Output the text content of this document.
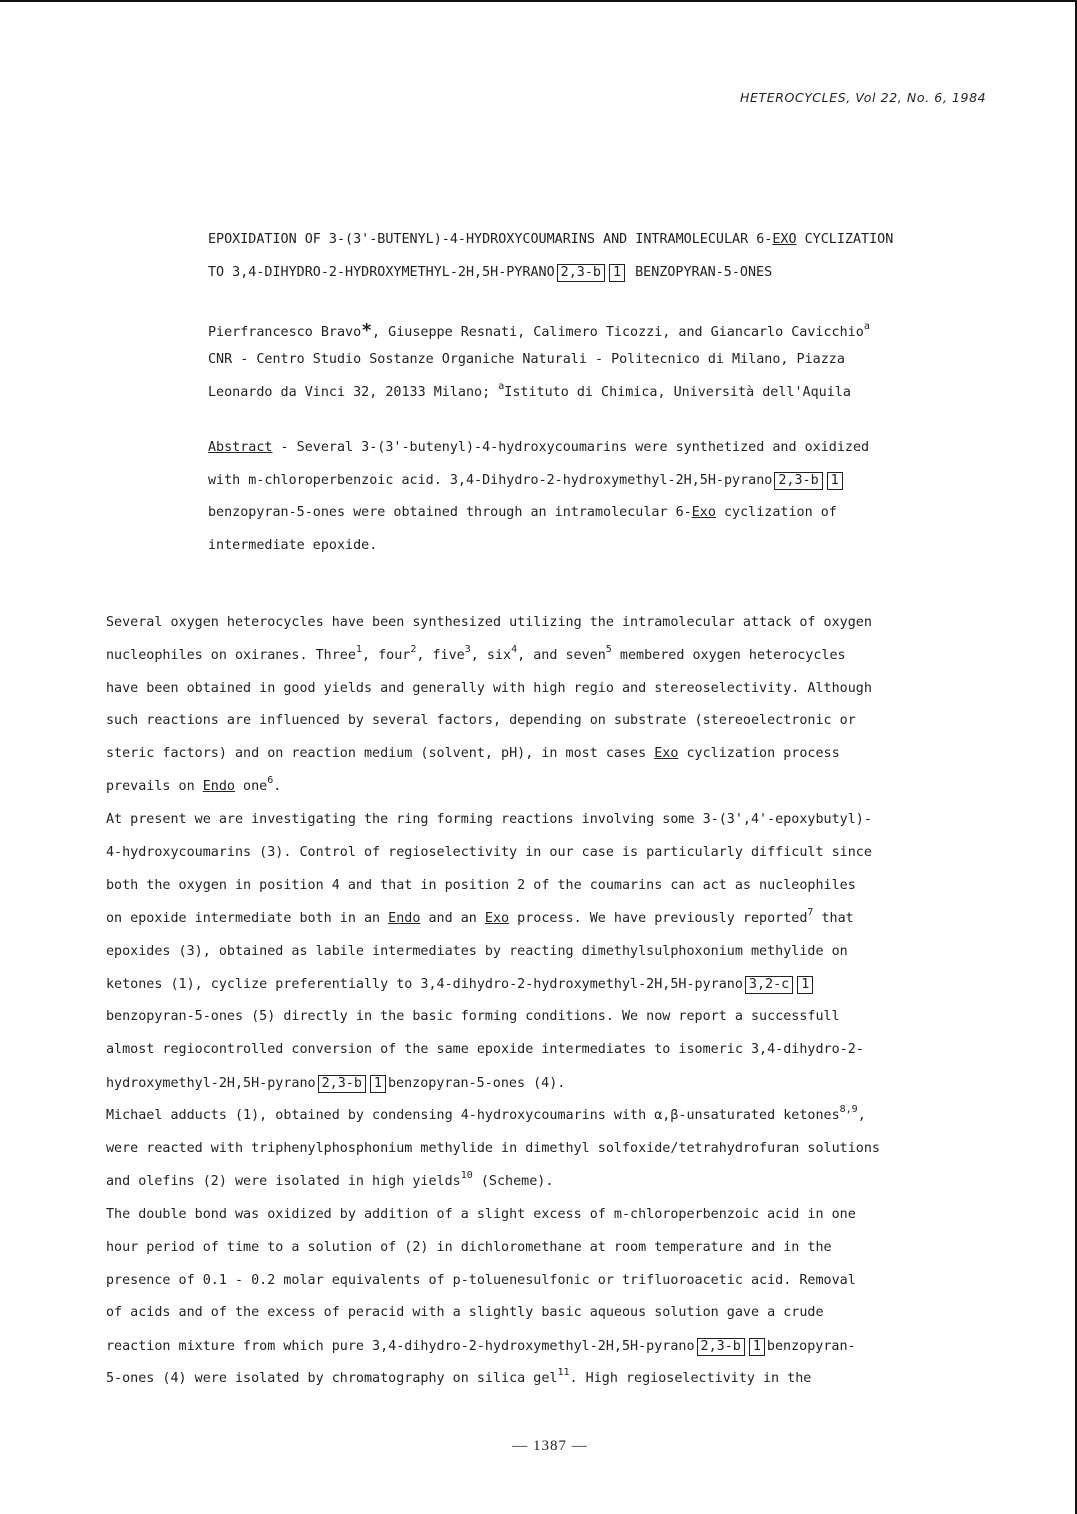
HETEROCYCLES, Vol 22, No. 6, 1984
EPOXIDATION OF 3-(3'-BUTENYL)-4-HYDROXYCOUMARINS AND INTRAMOLECULAR 6-EXO CYCLIZATION
TO 3,4-DIHYDRO-2-HYDROXYMETHYL-2H,5H-PYRANO 2,3-b 1 BENZOPYRAN-5-ONES
Pierfrancesco Bravo*, Giuseppe Resnati, Calimero Ticozzi, and Giancarlo Cavicchio$^a$
CNR - Centro Studio Sostanze Organiche Naturali - Politecnico di Milano, Piazza
Leonardo da Vinci 32, 20133 Milano; $^a$Istituto di Chimica, Università dell'Aquila
Abstract - Several 3-(3'-butenyl)-4-hydroxycoumarins were synthetized and oxidized
with m-chloroperbenzoic acid. 3,4-Dihydro-2-hydroxymethyl-2H,5H-pyrano 2,3-b 1
benzopyran-5-ones were obtained through an intramolecular 6-Exo cyclization of
intermediate epoxide.
Several oxygen heterocycles have been synthesized utilizing the intramolecular attack of oxygen
nucleophiles on oxiranes. Three$^1$, four$^2$, five$^3$, six$^4$, and seven$^5$ membered oxygen heterocycles
have been obtained in good yields and generally with high regio and stereoselectivity. Although
such reactions are influenced by several factors, depending on substrate (stereoelectronic or
steric factors) and on reaction medium (solvent, pH), in most cases Exo cyclization process
prevails on Endo one$^6$.
At present we are investigating the ring forming reactions involving some 3-(3',4'-epoxybutyl)-
4-hydroxycoumarins (3). Control of regioselectivity in our case is particularly difficult since
both the oxygen in position 4 and that in position 2 of the coumarins can act as nucleophiles
on epoxide intermediate both in an Endo and an Exo process. We have previously reported$^7$ that
epoxides (3), obtained as labile intermediates by reacting dimethylsulphoxonium methylide on
ketones (1), cyclize preferentially to 3,4-dihydro-2-hydroxymethyl-2H,5H-pyrano 3,2-c 1
benzopyran-5-ones (5) directly in the basic forming conditions. We now report a successfull
almost regiocontrolled conversion of the same epoxide intermediates to isomeric 3,4-dihydro-2-
hydroxymethyl-2H,5H-pyrano 2,3-b 1 benzopyran-5-ones (4).
Michael adducts (1), obtained by condensing 4-hydroxycoumarins with α,β-unsaturated ketones$^{8,9}$,
were reacted with triphenylphosphonium methylide in dimethyl solfoxide/tetrahydrofuran solutions
and olefins (2) were isolated in high yields$^{10}$ (Scheme).
The double bond was oxidized by addition of a slight excess of m-chloroperbenzoic acid in one
hour period of time to a solution of (2) in dichloromethane at room temperature and in the
presence of 0.1 - 0.2 molar equivalents of p-toluenesulfonic or trifluoroacetic acid. Removal
of acids and of the excess of peracid with a slightly basic aqueous solution gave a crude
reaction mixture from which pure 3,4-dihydro-2-hydroxymethyl-2H,5H-pyrano 2,3-b 1 benzopyran-
5-ones (4) were isolated by chromatography on silica gel$^{11}$. High regioselectivity in the
— 1387 —
